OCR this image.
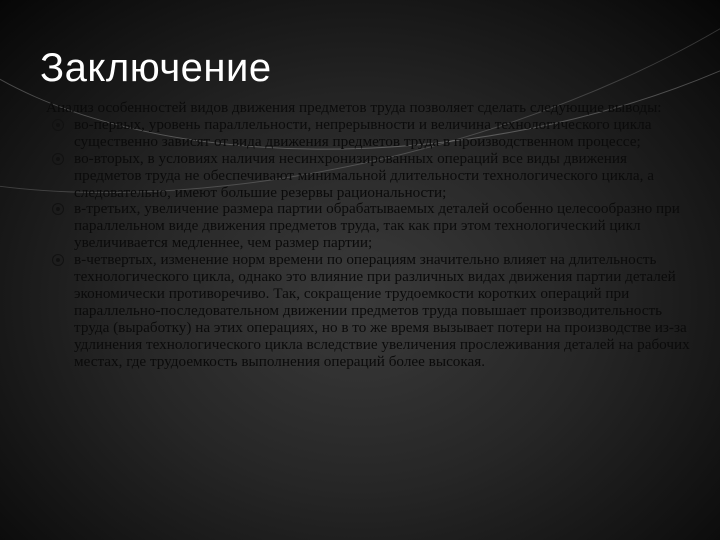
Заключение

Анализ особенностей видов движения предметов труда позволяет сделать следующие выводы:

во-первых, уровень параллельности, непрерывности и величина технологического цикла существенно зависят от вида движения предметов труда в производственном процессе;
во-вторых, в условиях наличия несинхронизированных операций все виды движения предметов труда не обеспечивают минимальной длительности технологического цикла, а следовательно, имеют большие резервы рациональности;
в-третьих, увеличение размера партии обрабатываемых деталей особенно целесообразно при параллельном виде движения предметов труда, так как при этом технологический цикл увеличивается медленнее, чем размер партии;
в-четвертых, изменение норм времени по операциям значительно влияет на длительность технологического цикла, однако это влияние при различных видах движения партии деталей экономически противоречиво. Так, сокращение трудоемкости коротких операций при параллельно-последовательном движении предметов труда повышает производительность труда (выработку) на этих операциях, но в то же время вызывает потери на производстве из-за удлинения технологического цикла вследствие увеличения прослеживания деталей на рабочих местах, где трудоемкость выполнения операций более высокая.
